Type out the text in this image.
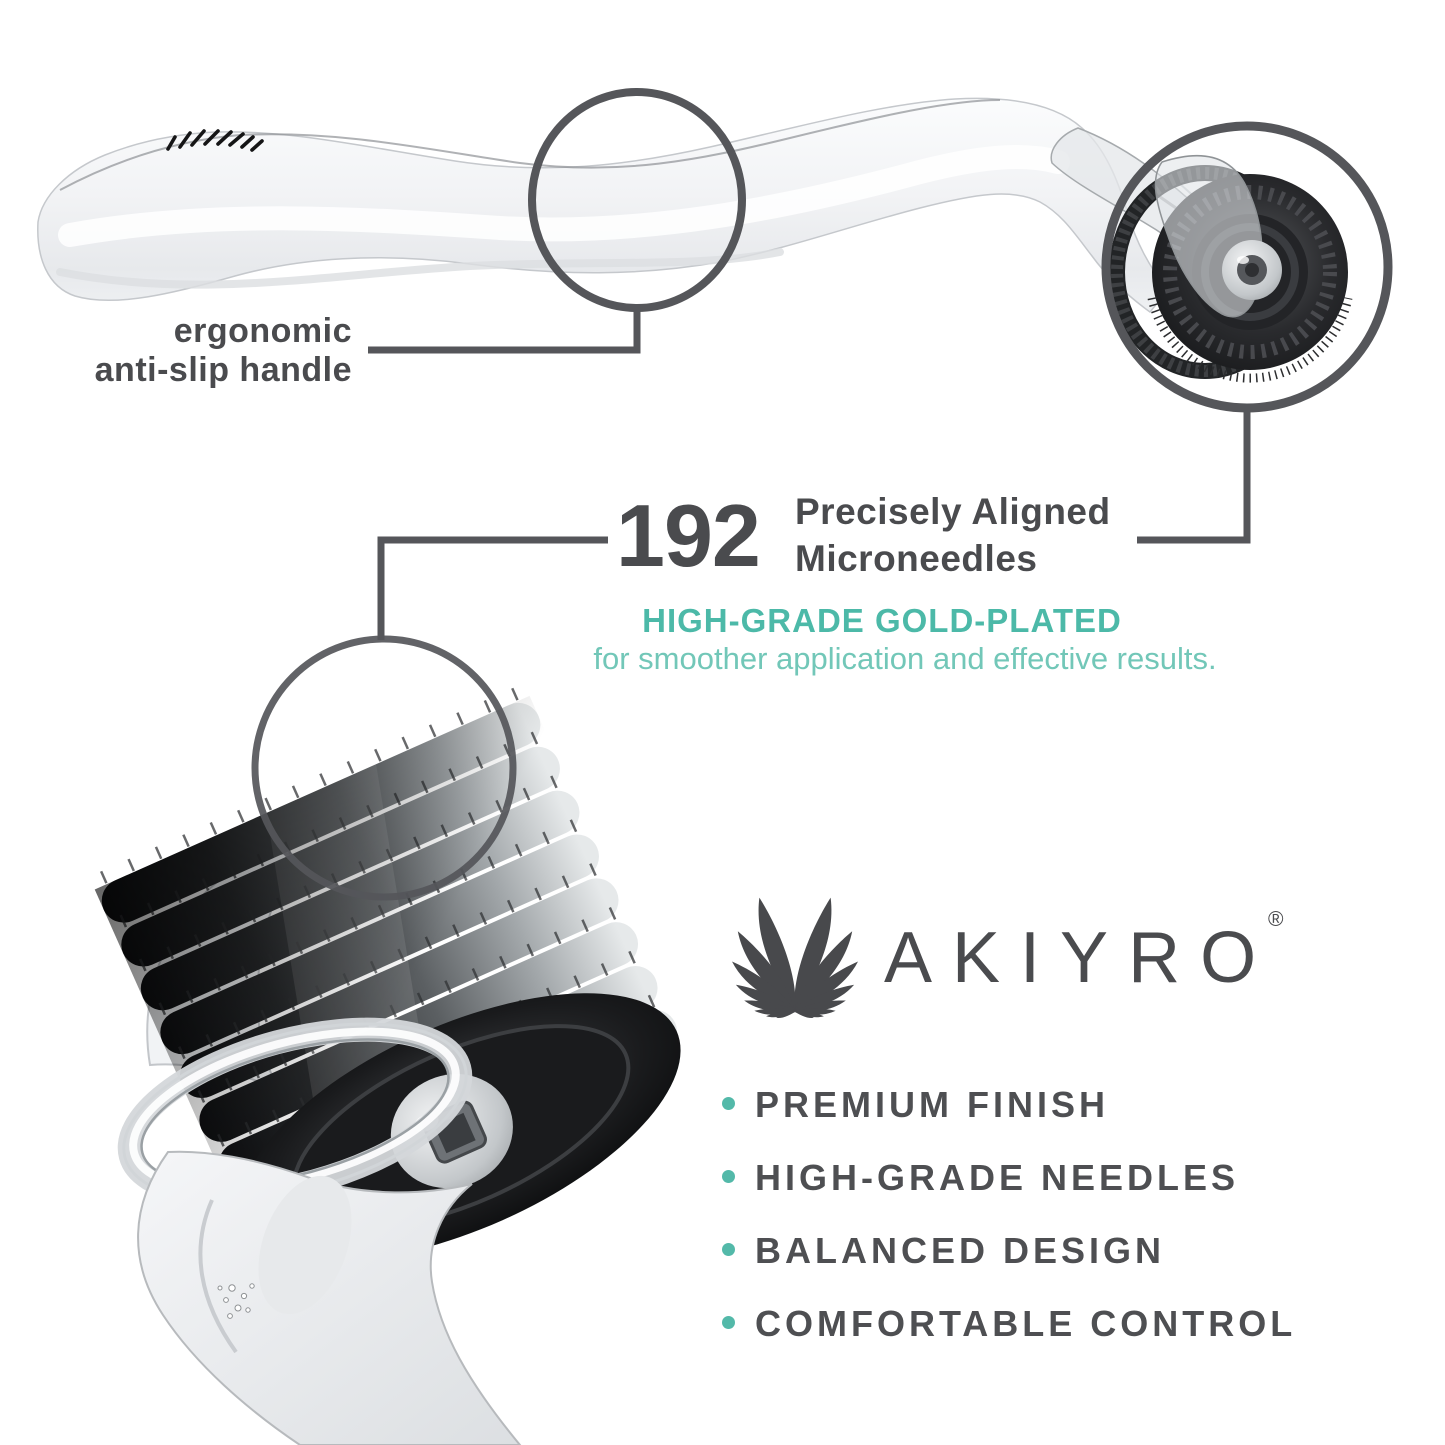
ergonomic
anti-slip handle
192 Precisely Aligned
Microneedles
HIGH-GRADE GOLD-PLATED
for smoother application and effective results.
AKIYRO
®
PREMIUM FINISH
HIGH-GRADE NEEDLES
BALANCED DESIGN
COMFORTABLE CONTROL
